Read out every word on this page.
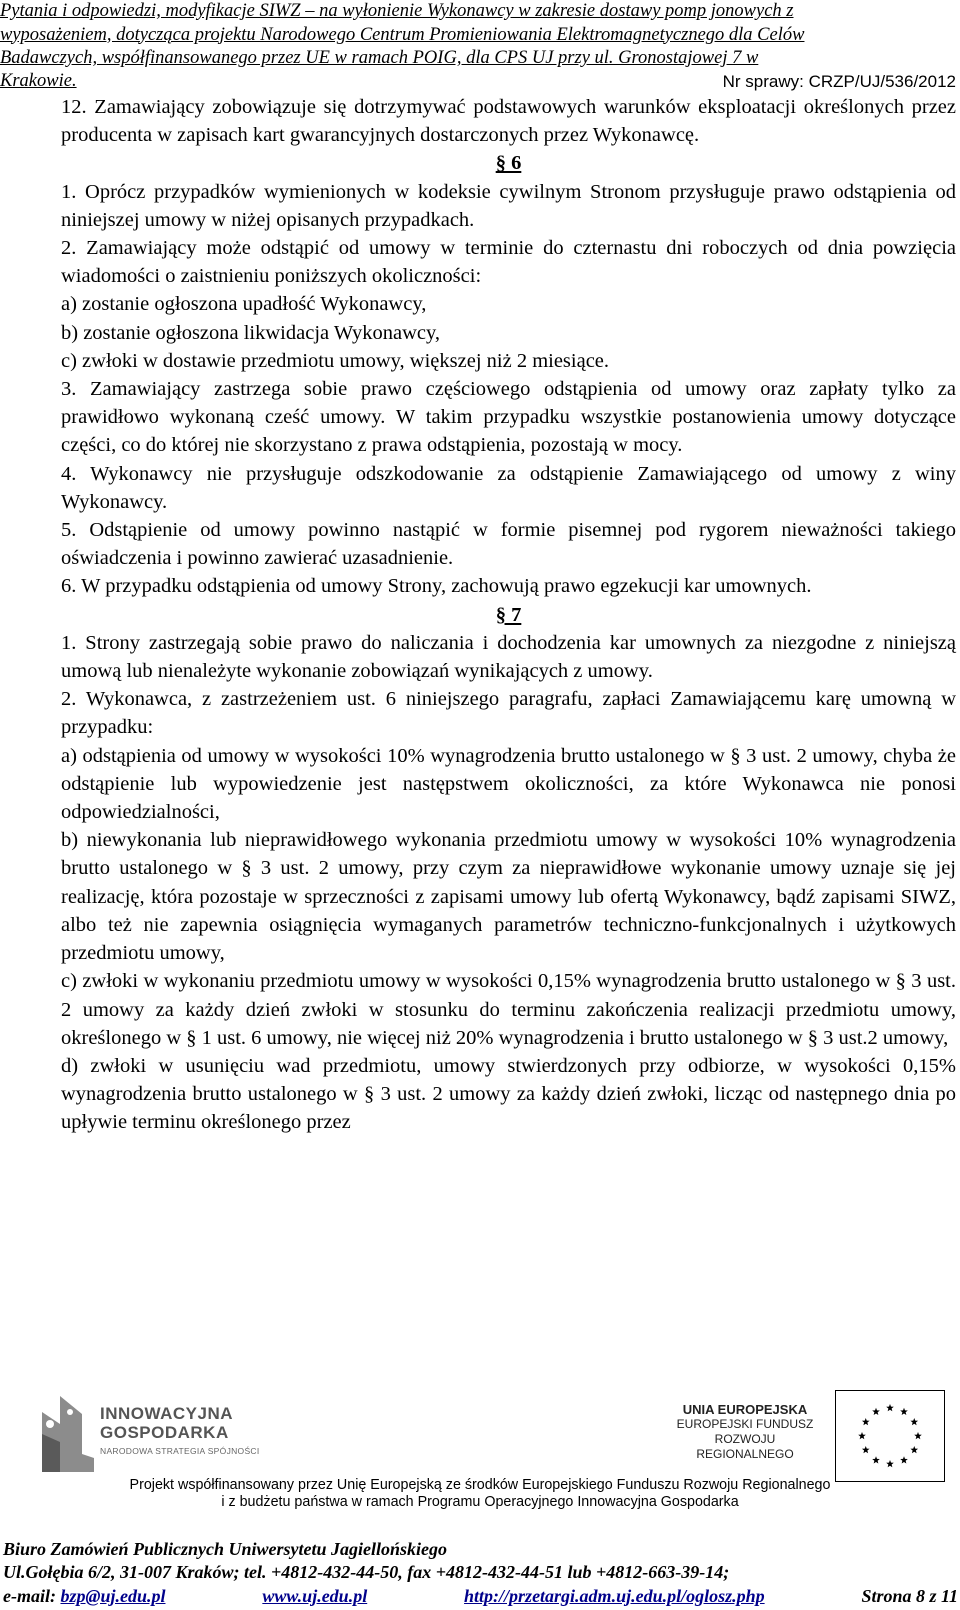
Pytania i odpowiedzi, modyfikacje SIWZ – na wyłonienie Wykonawcy w zakresie dostawy pomp jonowych z
wyposażeniem, dotycząca projektu Narodowego Centrum Promieniowania Elektromagnetycznego dla Celów
Badawczych, współfinansowanego przez UE w ramach POIG, dla CPS UJ przy ul. Gronostajowej 7 w
Krakowie.	Nr sprawy: CRZP/UJ/536/2012
12. Zamawiający zobowiązuje się dotrzymywać podstawowych warunków eksploatacji określonych przez producenta w zapisach kart gwarancyjnych dostarczonych przez Wykonawcę.
§ 6
1. Oprócz przypadków wymienionych w kodeksie cywilnym Stronom przysługuje prawo odstąpienia od niniejszej umowy w niżej opisanych przypadkach.
2. Zamawiający może odstąpić od umowy w terminie do czternastu dni roboczych od dnia powzięcia wiadomości o zaistnieniu poniższych okoliczności:
a) zostanie ogłoszona upadłość Wykonawcy,
b) zostanie ogłoszona likwidacja Wykonawcy,
c) zwłoki w dostawie przedmiotu umowy, większej niż 2 miesiące.
3. Zamawiający zastrzega sobie prawo częściowego odstąpienia od umowy oraz zapłaty tylko za prawidłowo wykonaną cześć umowy. W takim przypadku wszystkie postanowienia umowy dotyczące części, co do której nie skorzystano z prawa odstąpienia, pozostają w mocy.
4. Wykonawcy nie przysługuje odszkodowanie za odstąpienie Zamawiającego od umowy z winy Wykonawcy.
5. Odstąpienie od umowy powinno nastąpić w formie pisemnej pod rygorem nieważności takiego oświadczenia i powinno zawierać uzasadnienie.
6. W przypadku odstąpienia od umowy Strony, zachowują prawo egzekucji kar umownych.
§ 7
1. Strony zastrzegają sobie prawo do naliczania i dochodzenia kar umownych za niezgodne z niniejszą umową lub nienależyte wykonanie zobowiązań wynikających z umowy.
2. Wykonawca, z zastrzeżeniem ust. 6 niniejszego paragrafu, zapłaci Zamawiającemu karę umowną w przypadku:
a) odstąpienia od umowy w wysokości 10% wynagrodzenia brutto ustalonego w § 3 ust. 2 umowy, chyba że odstąpienie lub wypowiedzenie jest następstwem okoliczności, za które Wykonawca nie ponosi odpowiedzialności,
b) niewykonania lub nieprawidłowego wykonania przedmiotu umowy w wysokości 10% wynagrodzenia brutto ustalonego w § 3 ust. 2 umowy, przy czym za nieprawidłowe wykonanie umowy uznaje się jej realizację, która pozostaje w sprzeczności z zapisami umowy lub ofertą Wykonawcy, bądź zapisami SIWZ, albo też nie zapewnia osiągnięcia wymaganych parametrów techniczno-funkcjonalnych i użytkowych przedmiotu umowy,
c) zwłoki w wykonaniu przedmiotu umowy w wysokości 0,15% wynagrodzenia brutto ustalonego w § 3 ust. 2 umowy za każdy dzień zwłoki w stosunku do terminu zakończenia realizacji przedmiotu umowy, określonego w § 1 ust. 6 umowy, nie więcej niż 20% wynagrodzenia i brutto ustalonego w § 3 ust.2 umowy,
d) zwłoki w usunięciu wad przedmiotu, umowy stwierdzonych przy odbiorze, w wysokości 0,15% wynagrodzenia brutto ustalonego w § 3 ust. 2 umowy za każdy dzień zwłoki, licząc od następnego dnia po upływie terminu określonego przez
INNOWACYJNA
GOSPODARKA
NARODOWA STRATEGIA SPÓJNOŚCI
UNIA EUROPEJSKA
EUROPEJSKI FUNDUSZ
ROZWOJU REGIONALNEGO
Projekt współfinansowany przez Unię Europejską ze środków Europejskiego Funduszu Rozwoju Regionalnego
i z budżetu państwa w ramach Programu Operacyjnego Innowacyjna Gospodarka
Biuro Zamówień Publicznych Uniwersytetu Jagiellońskiego
Ul.Gołębia 6/2, 31-007 Kraków; tel. +4812-432-44-50, fax +4812-432-44-51 lub +4812-663-39-14;
e-mail: bzp@uj.edu.pl	www.uj.edu.pl	http://przetargi.adm.uj.edu.pl/oglosz.php	Strona 8 z 11
